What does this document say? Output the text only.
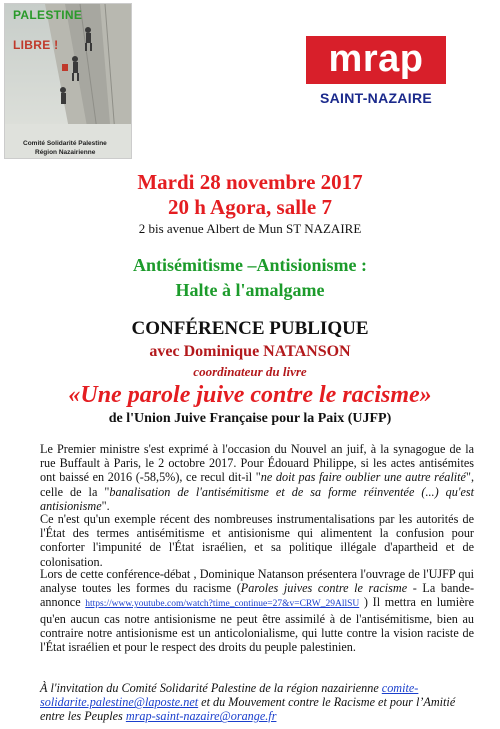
PALESTINE
LIBRE !
Comité Solidarité Palestine
Région Nazairienne
mrap
SAINT-NAZAIRE
Mardi 28 novembre 2017
20 h Agora, salle 7
2 bis avenue Albert de Mun ST NAZAIRE
Antisémitisme –Antisionisme :
Halte à l'amalgame
CONFÉRENCE PUBLIQUE
avec Dominique NATANSON
coordinateur du livre
«Une parole juive contre le racisme»
de l'Union Juive Française pour la Paix (UJFP)
Le Premier ministre s'est exprimé à l'occasion du Nouvel an juif, à la synagogue de la rue Buffault à Paris, le 2 octobre 2017. Pour Édouard Philippe, si les actes antisémites ont baissé en 2016 (-58,5%), ce recul dit-il "ne doit pas faire oublier une autre réalité", celle de la "banalisation de l'antisémitisme et de sa forme réinventée (...) qu'est antisionisme".
Ce n'est qu'un exemple récent des nombreuses instrumentalisations par les autorités de l'État des termes antisémitisme et antisionisme qui alimentent la confusion pour conforter l'impunité de l'État israélien, et sa politique illégale d'apartheid et de colonisation.
Lors de cette conférence-débat , Dominique Natanson présentera l'ouvrage de l'UJFP qui analyse toutes les formes du racisme (Paroles juives contre le racisme - La bande-annonce https://www.youtube.com/watch?time_continue=27&v=CRW_29AllSU ) Il mettra en lumière qu'en aucun cas notre antisionisme ne peut être assimilé à de l'antisémitisme, bien au contraire notre antisionisme est un anticolonialisme, qui lutte contre la vision raciste de l'État israélien et pour le respect des droits du peuple palestinien.
À l'invitation du Comité Solidarité Palestine de la région nazairienne comite-solidarite.palestine@laposte.net et du Mouvement contre le Racisme et pour l’Amitié entre les Peuples mrap-saint-nazaire@orange.fr
